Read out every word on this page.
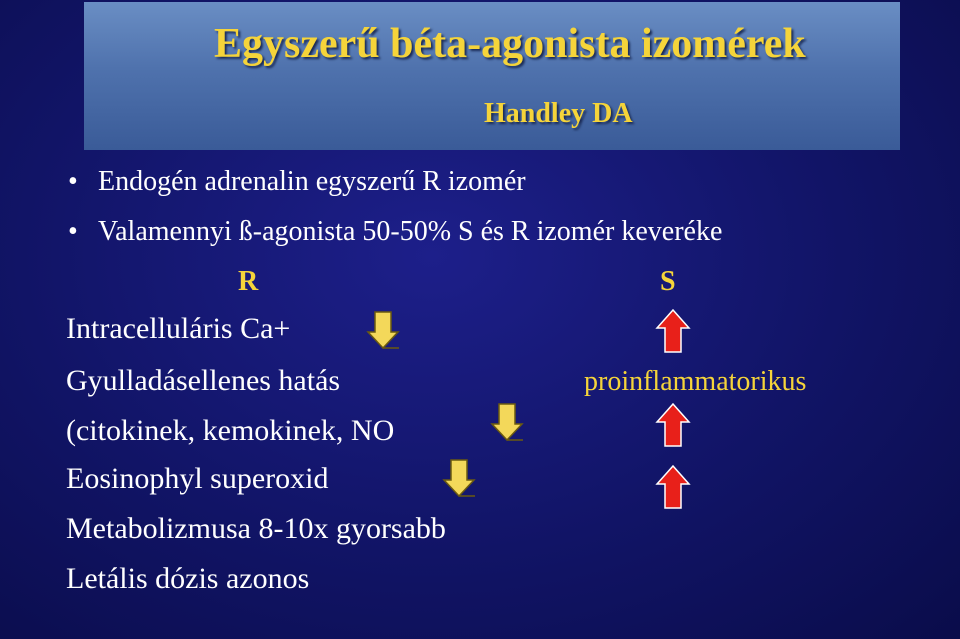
Egyszerű béta-agonista izomérek
Handley DA
• Endogén adrenalin egyszerű R izomér
• Valamennyi ß-agonista 50-50% S és R izomér keveréke
R	S
Intracelluláris Ca+
Gyulladásellenes hatás
(citokinek, kemokinek, NO
Eosinophyl superoxid
Metabolizmusa 8-10x gyorsabb
Letális dózis azonos
proinflammatorikus
